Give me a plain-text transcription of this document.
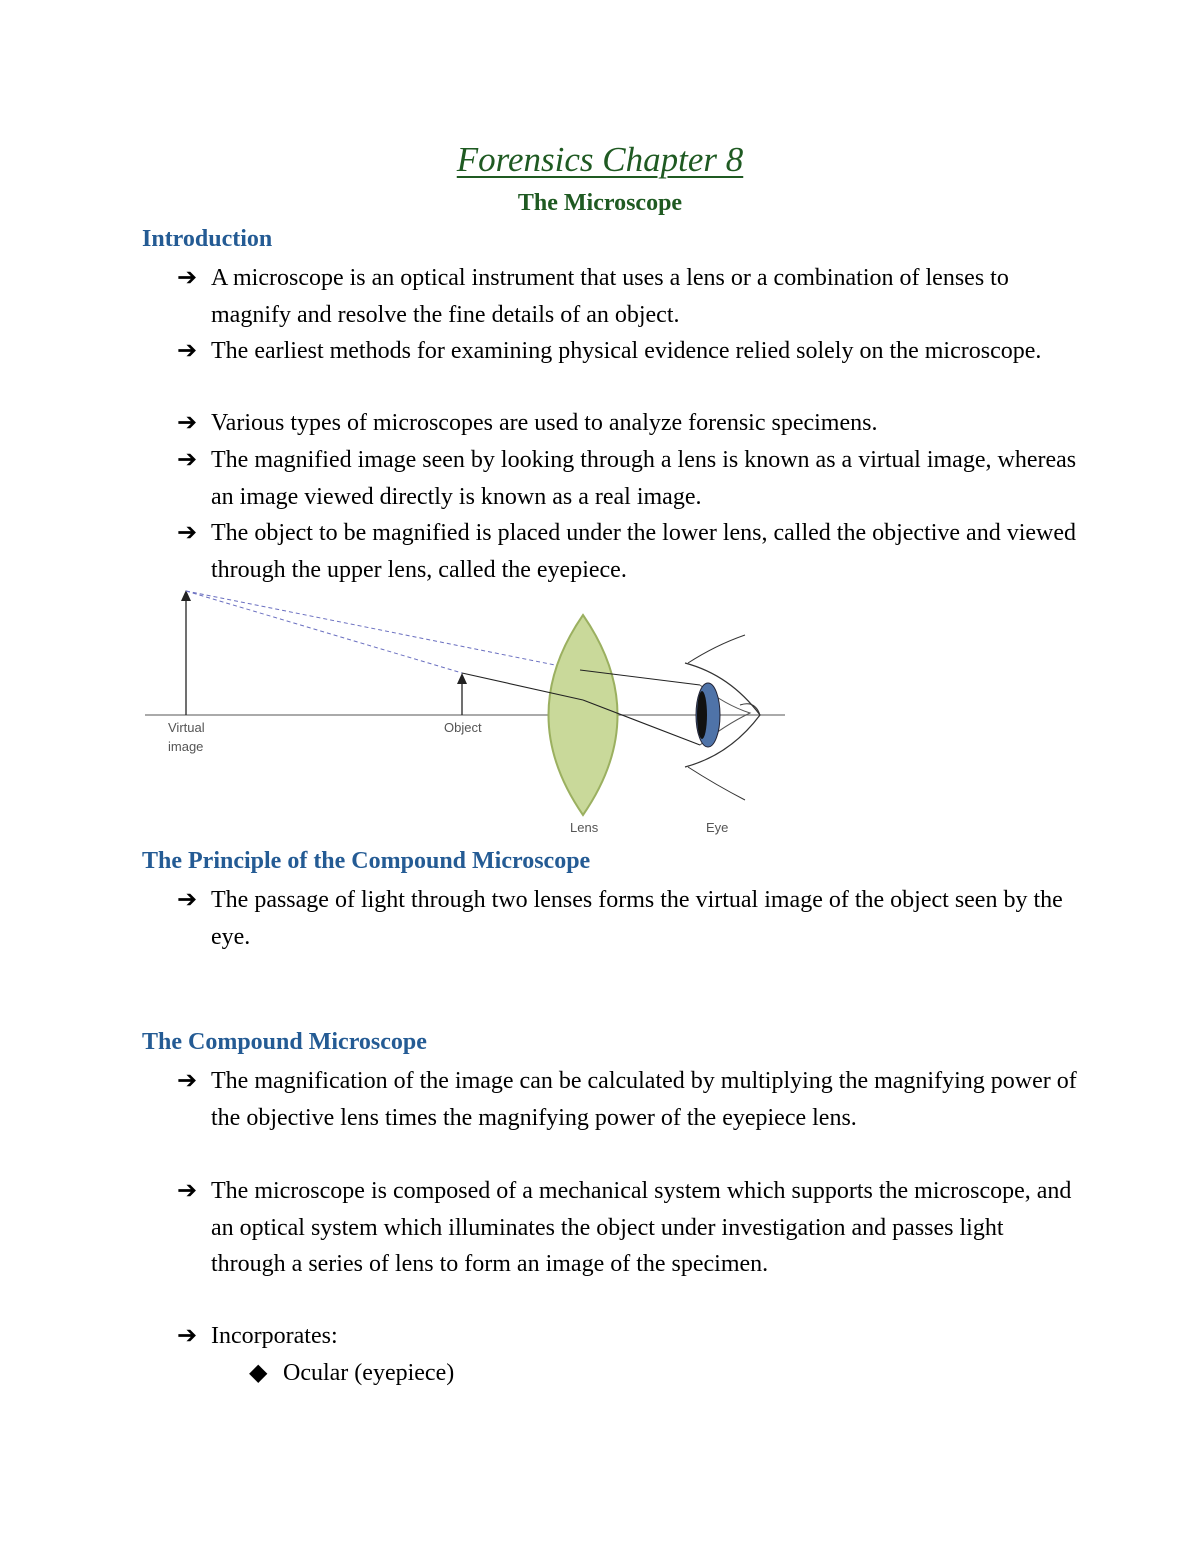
Forensics Chapter 8
The Microscope
Introduction
➔ A microscope is an optical instrument that uses a lens or a combination of lenses to magnify and resolve the fine details of an object.
➔ The earliest methods for examining physical evidence relied solely on the microscope.
➔ Various types of microscopes are used to analyze forensic specimens.
➔ The magnified image seen by looking through a lens is known as a virtual image, whereas an image viewed directly is known as a real image.
➔ The object to be magnified is placed under the lower lens, called the objective and viewed through the upper lens, called the eyepiece.
Virtual image
Object
Lens	Eye
The Principle of the Compound Microscope
➔ The passage of light through two lenses forms the virtual image of the object seen by the eye.
The Compound Microscope
➔ The magnification of the image can be calculated by multiplying the magnifying power of the objective lens times the magnifying power of the eyepiece lens.
➔ The microscope is composed of a mechanical system which supports the microscope, and an optical system which illuminates the object under investigation and passes light through a series of lens to form an image of the specimen.
➔ Incorporates:
◆ Ocular (eyepiece)
